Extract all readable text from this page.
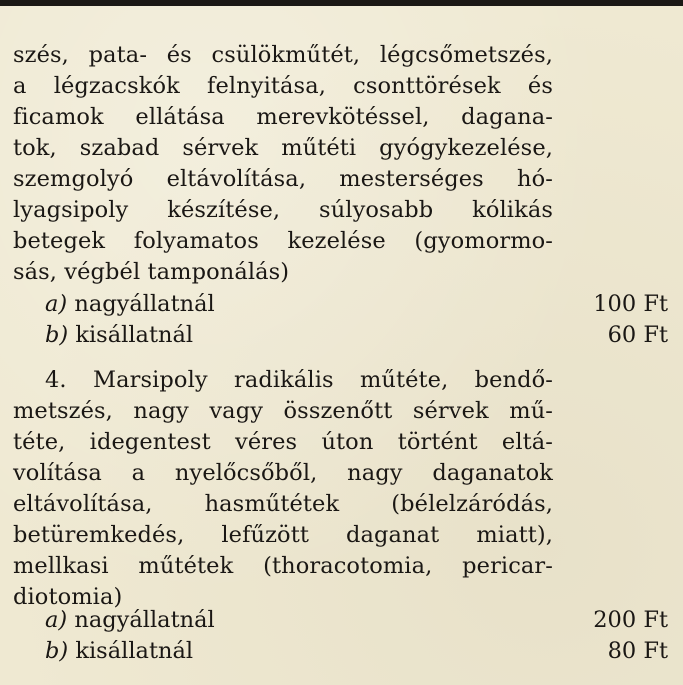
szés, pata- és csülökműtét, légcsőmetszés,
a légzacskók felnyitása, csonttörések és
ficamok ellátása merevkötéssel, dagana-
tok, szabad sérvek műtéti gyógykezelése,
szemgolyó eltávolítása, mesterséges hó-
lyagsipoly készítése, súlyosabb kólikás
betegek folyamatos kezelése (gyomormo-
sás, végbél tamponálás)
a) nagyállatnál	100 Ft
b) kisállatnál	60 Ft
4. Marsipoly radikális műtéte, bendő-
metszés, nagy vagy összenőtt sérvek mű-
téte, idegentest véres úton történt eltá-
volítása a nyelőcsőből, nagy daganatok
eltávolítása, hasműtétek (bélelzáródás,
betüremkedés, lefűzött daganat miatt),
mellkasi műtétek (thoracotomia, pericar-
diotomia)
a) nagyállatnál	200 Ft
b) kisállatnál	80 Ft
